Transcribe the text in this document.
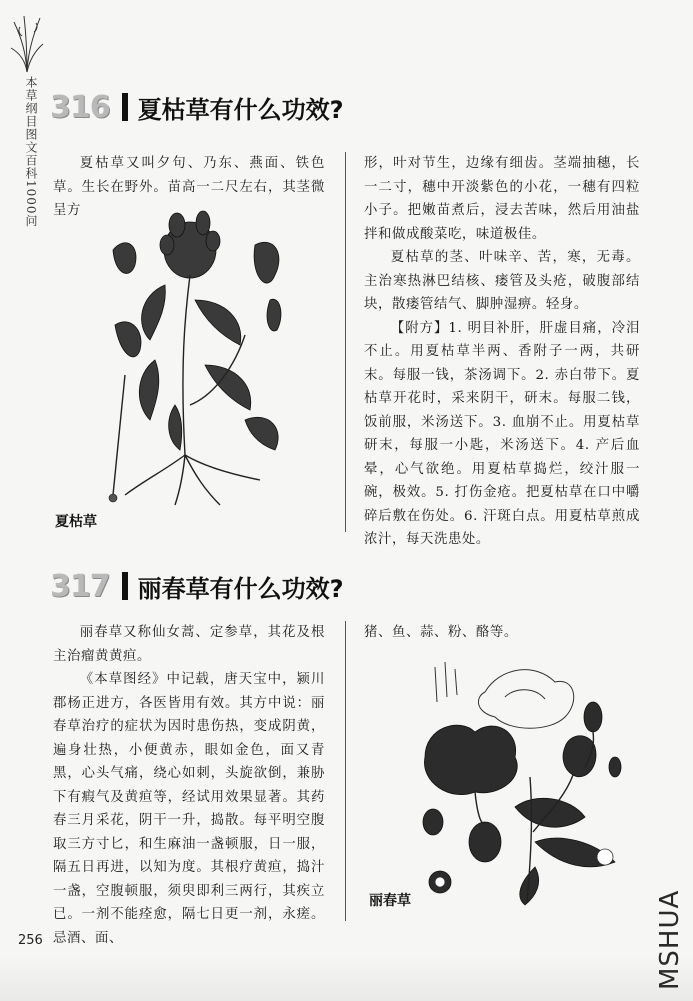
本草纲目图文百科1000问 316 夏枯草有什么功效?

夏枯草又叫夕句、乃东、燕面、铁色草。生长在野外。苗高一二尺左右，其茎微呈方

夏枯草

形，叶对节生，边缘有细齿。茎端抽穗，长一二寸，穗中开淡紫色的小花，一穗有四粒小子。把嫩苗煮后，浸去苦味，然后用油盐拌和做成酸菜吃，味道极佳。

夏枯草的茎、叶味辛、苦，寒，无毒。主治寒热淋巴结核、瘘管及头疮，破腹部结块，散瘘管结气、脚肿湿痹。轻身。

【附方】1. 明目补肝，肝虚目痛，冷泪不止。用夏枯草半两、香附子一两，共研末。每服一钱，茶汤调下。2. 赤白带下。夏枯草开花时，采来阴干，研末。每服二钱，饭前服，米汤送下。3. 血崩不止。用夏枯草研末，每服一小匙，米汤送下。4. 产后血晕，心气欲绝。用夏枯草捣烂，绞汁服一碗，极效。5. 打伤金疮。把夏枯草在口中嚼碎后敷在伤处。6. 汗斑白点。用夏枯草煎成浓汁，每天洗患处。

317 丽春草有什么功效?

丽春草又称仙女蒿、定参草，其花及根主治瘤黄黄疸。

《本草图经》中记载，唐天宝中，颍川郡杨正进方，各医皆用有效。其方中说：丽春草治疗的症状为因时患伤热，变成阴黄，遍身壮热，小便黄赤，眼如金色，面又青黑，心头气痛，绕心如刺，头旋欲倒，兼胁下有瘕气及黄疸等，经试用效果显著。其药春三月采花，阴干一升，捣散。每平明空腹取三方寸匕，和生麻油一盏顿服，日一服，隔五日再进，以知为度。其根疗黄疸，捣汁一盏，空腹顿服，须臾即利三两行，其疾立已。一剂不能痊愈，隔七日更一剂，永瘥。忌酒、面、

猪、鱼、蒜、粉、酪等。

丽春草
256	MSHUA
